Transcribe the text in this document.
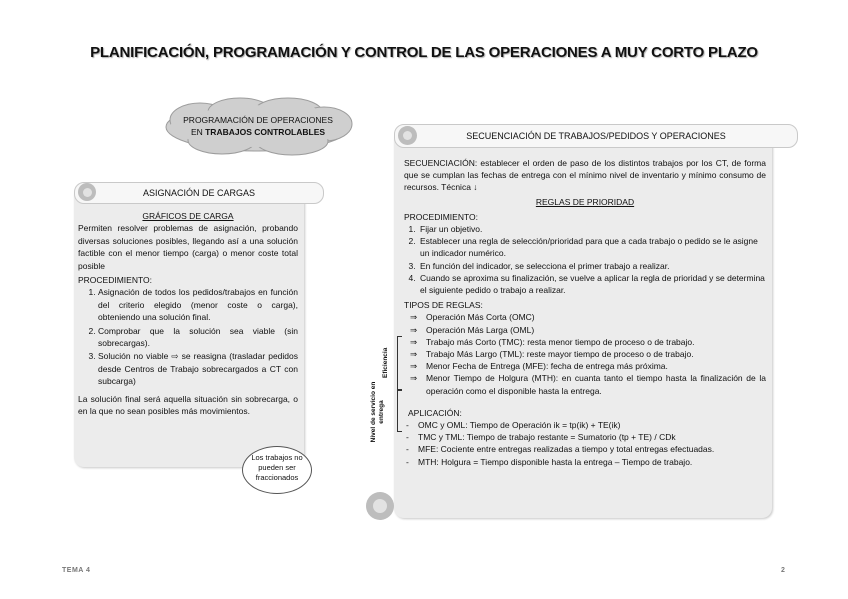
PLANIFICACIÓN, PROGRAMACIÓN Y CONTROL DE LAS OPERACIONES A MUY CORTO PLAZO
PROGRAMACIÓN DE OPERACIONES
EN TRABAJOS CONTROLABLES
ASIGNACIÓN DE CARGAS
GRÁFICOS DE CARGA
Permiten resolver problemas de asignación, probando diversas soluciones posibles, llegando así a una solución factible con el menor tiempo (carga) o menor coste total posible
PROCEDIMIENTO:
1. Asignación de todos los pedidos/trabajos en función del criterio elegido (menor coste o carga), obteniendo una solución final.
2. Comprobar que la solución sea viable (sin sobrecargas).
3. Solución no viable ⇨ se reasigna (trasladar pedidos desde Centros de Trabajo sobrecargados a CT con subcarga)
La solución final será aquella situación sin sobrecarga, o en la que no sean posibles más movimientos.
Los trabajos no pueden ser fraccionados
SECUENCIACIÓN DE TRABAJOS/PEDIDOS Y OPERACIONES

SECUENCIACIÓN: establecer el orden de paso de los distintos trabajos por los CT, de forma que se cumplan las fechas de entrega con el mínimo nivel de inventario y mínimo consumo de recursos. Técnica ↓

REGLAS DE PRIORIDAD

PROCEDIMIENTO:

1. Fijar un objetivo.
2. Establecer una regla de selección/prioridad para que a cada trabajo o pedido se le asigne un indicador numérico.
3. En función del indicador, se selecciona el primer trabajo a realizar.
4. Cuando se aproxima su finalización, se vuelve a aplicar la regla de prioridad y se determina el siguiente pedido o trabajo a realizar.

TIPOS DE REGLAS:

⇒ Operación Más Corta (OMC)
⇒ Operación Más Larga (OML)
⇒ Trabajo más Corto (TMC): resta menor tiempo de proceso o de trabajo.
⇒ Trabajo Más Largo (TML): reste mayor tiempo de proceso o de trabajo.
⇒ Menor Fecha de Entrega (MFE): fecha de entrega más próxima.
⇒	Menor Tiempo de Holgura (MTH): en cuanta tanto el tiempo hasta la finalización de la operación como el disponible hasta la entrega.

APLICACIÓN:

- OMC y OML: Tiempo de Operación ik = tp(ik) + TE(ik)
- TMC y TML: Tiempo de trabajo restante = Sumatorio (tp + TE) / CDk
- MFE: Cociente entre entregas realizadas a tiempo y total entregas efectuadas.
- MTH: Holgura = Tiempo disponible hasta la entrega – Tiempo de trabajo.
Eficiencia
Nivel de servicio en entrega
TEMA 4	2
